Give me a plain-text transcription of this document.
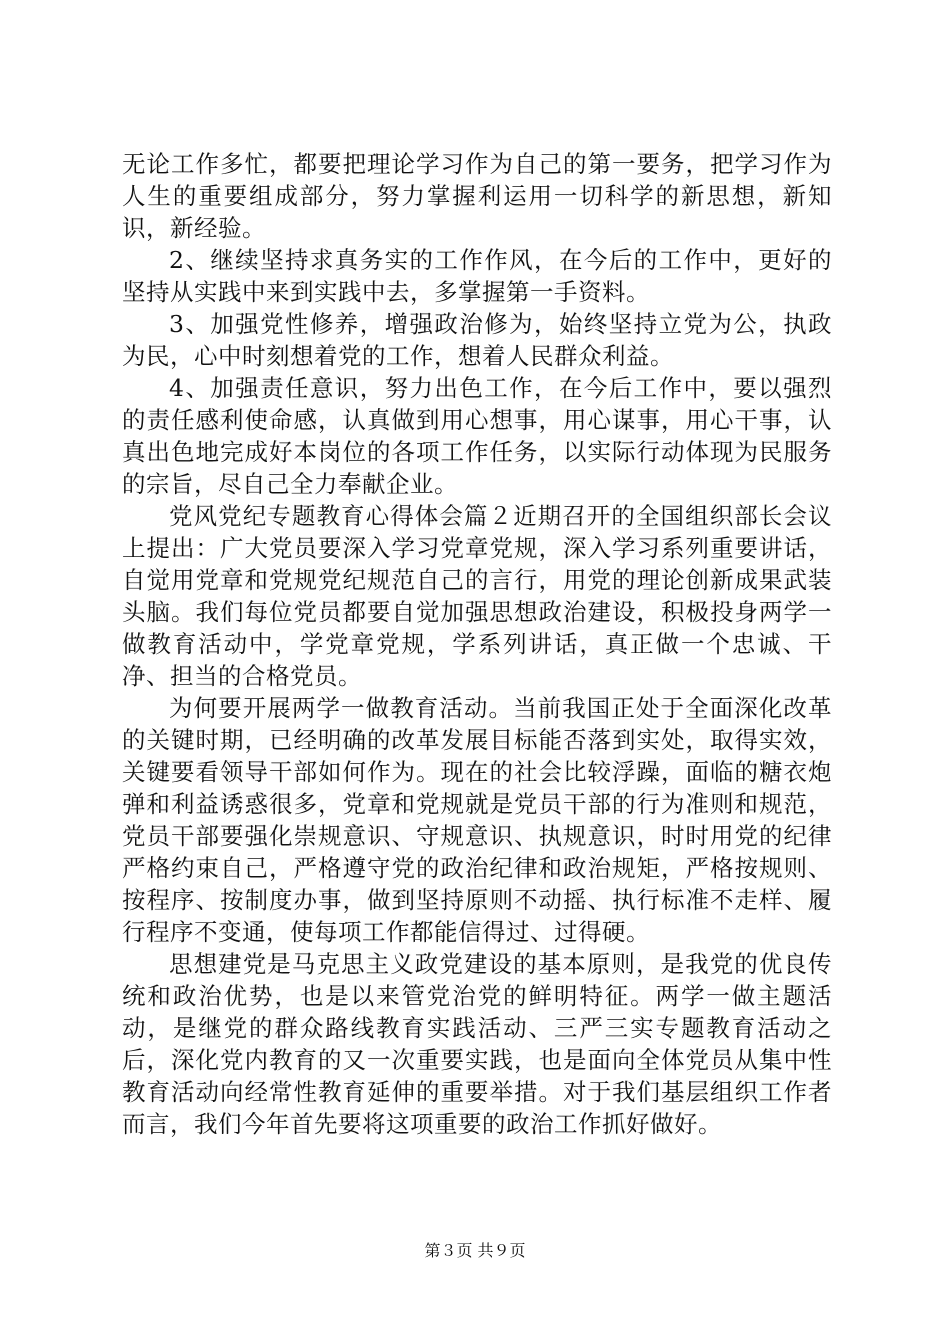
无论工作多忙，都要把理论学习作为自己的第一要务，把学习作为人生的重要组成部分，努力掌握利运用一切科学的新思想，新知识，新经验。

2、继续坚持求真务实的工作作风，在今后的工作中，更好的坚持从实践中来到实践中去，多掌握第一手资料。

3、加强党性修养，增强政治修为，始终坚持立党为公，执政为民，心中时刻想着党的工作，想着人民群众利益。

4、加强责任意识，努力出色工作，在今后工作中，要以强烈的责任感利使命感，认真做到用心想事，用心谋事，用心干事，认真出色地完成好本岗位的各项工作任务，以实际行动体现为民服务的宗旨，尽自己全力奉献企业。

党风党纪专题教育心得体会篇２近期召开的全国组织部长会议上提出：广大党员要深入学习党章党规，深入学习系列重要讲话，自觉用党章和党规党纪规范自己的言行，用党的理论创新成果武装头脑。我们每位党员都要自觉加强思想政治建设，积极投身两学一做教育活动中，学党章党规，学系列讲话，真正做一个忠诚、干净、担当的合格党员。

为何要开展两学一做教育活动。当前我国正处于全面深化改革的关键时期，已经明确的改革发展目标能否落到实处，取得实效，关键要看领导干部如何作为。现在的社会比较浮躁，面临的糖衣炮弹和利益诱惑很多，党章和党规就是党员干部的行为准则和规范，党员干部要强化崇规意识、守规意识、执规意识，时时用党的纪律严格约束自己，严格遵守党的政治纪律和政治规矩，严格按规则、按程序、按制度办事，做到坚持原则不动摇、执行标准不走样、履行程序不变通，使每项工作都能信得过、过得硬。

思想建党是马克思主义政党建设的基本原则，是我党的优良传统和政治优势，也是以来管党治党的鲜明特征。两学一做主题活动，是继党的群众路线教育实践活动、三严三实专题教育活动之后，深化党内教育的又一次重要实践，也是面向全体党员从集中性教育活动向经常性教育延伸的重要举措。对于我们基层组织工作者而言，我们今年首先要将这项重要的政治工作抓好做好。

第３页 共９页
